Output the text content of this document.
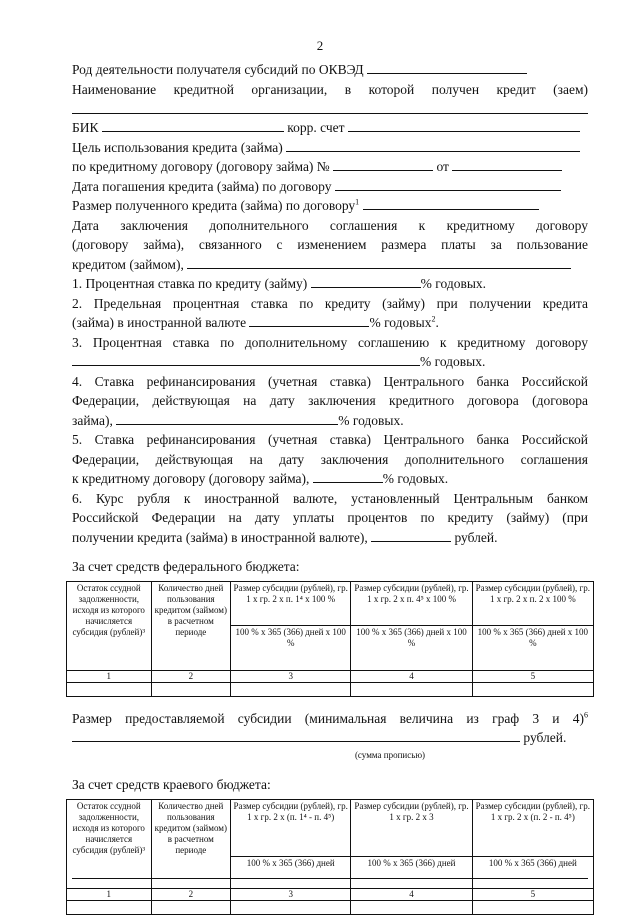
2
Род деятельности получателя субсидий по ОКВЭД
Наименование кредитной организации, в которой получен кредит (заем)
БИК	корр. счет
Цель использования кредита (займа)
по кредитному договору (договору займа) №	от
Дата погашения кредита (займа) по договору
Размер полученного кредита (займа) по договору$^1$
Дата заключения дополнительного соглашения к кредитному договору
(договору займа), связанного с изменением размера платы за пользование
кредитом (займом),
1. Процентная ставка по кредиту (займу)	% годовых.
2. Предельная процентная ставка по кредиту (займу) при получении кредита
(займа) в иностранной валюте	% годовых$^2$.
3. Процентная ставка по дополнительному соглашению к кредитному договору
% годовых.
4. Ставка рефинансирования (учетная ставка) Центрального банка Российской
Федерации, действующая на дату заключения кредитного договора (договора
займа),	% годовых.
5. Ставка рефинансирования (учетная ставка) Центрального банка Российской
Федерации, действующая на дату заключения дополнительного соглашения
к кредитному договору (договору займа),	% годовых.
6. Курс рубля к иностранной валюте, установленный Центральным банком
Российской Федерации на дату уплаты процентов по кредиту (займу) (при
получении кредита (займа) в иностранной валюте),	рублей.
За счет средств федерального бюджета:
Остаток ссудной задолженности, исходя из которого начисляется субсидия (рублей)³	Количество дней пользования кредитом (займом) в расчетном периоде	Размер субсидии (рублей), гр. 1 х гр. 2 х п. 1⁴ х 100 %	Размер субсидии (рублей), гр. 1 х гр. 2 х п. 4⁵ х 100 %	Размер субсидии (рублей), гр. 1 х гр. 2 х п. 2 х 100 %
		100 % х 365 (366) дней х 100 %	100 % х 365 (366) дней х 100 %	100 % х 365 (366) дней х 100 %
1	2	3	4	5

Размер предоставляемой субсидии (минимальная величина из граф 3 и 4)$^6$
рублей.
(сумма прописью)
За счет средств краевого бюджета:
Остаток ссудной задолженности, исходя из которого начисляется субсидия (рублей)³	Количество дней пользования кредитом (займом) в расчетном периоде	Размер субсидии (рублей), гр. 1 х гр. 2 х (п. 1⁴ - п. 4⁵)	Размер субсидии (рублей), гр. 1 х гр. 2 х 3	Размер субсидии (рублей), гр. 1 х гр. 2 х (п. 2 - п. 4⁵)
		100 % х 365 (366) дней	100 % х 365 (366) дней	100 % х 365 (366) дней
1	2	3	4	5
